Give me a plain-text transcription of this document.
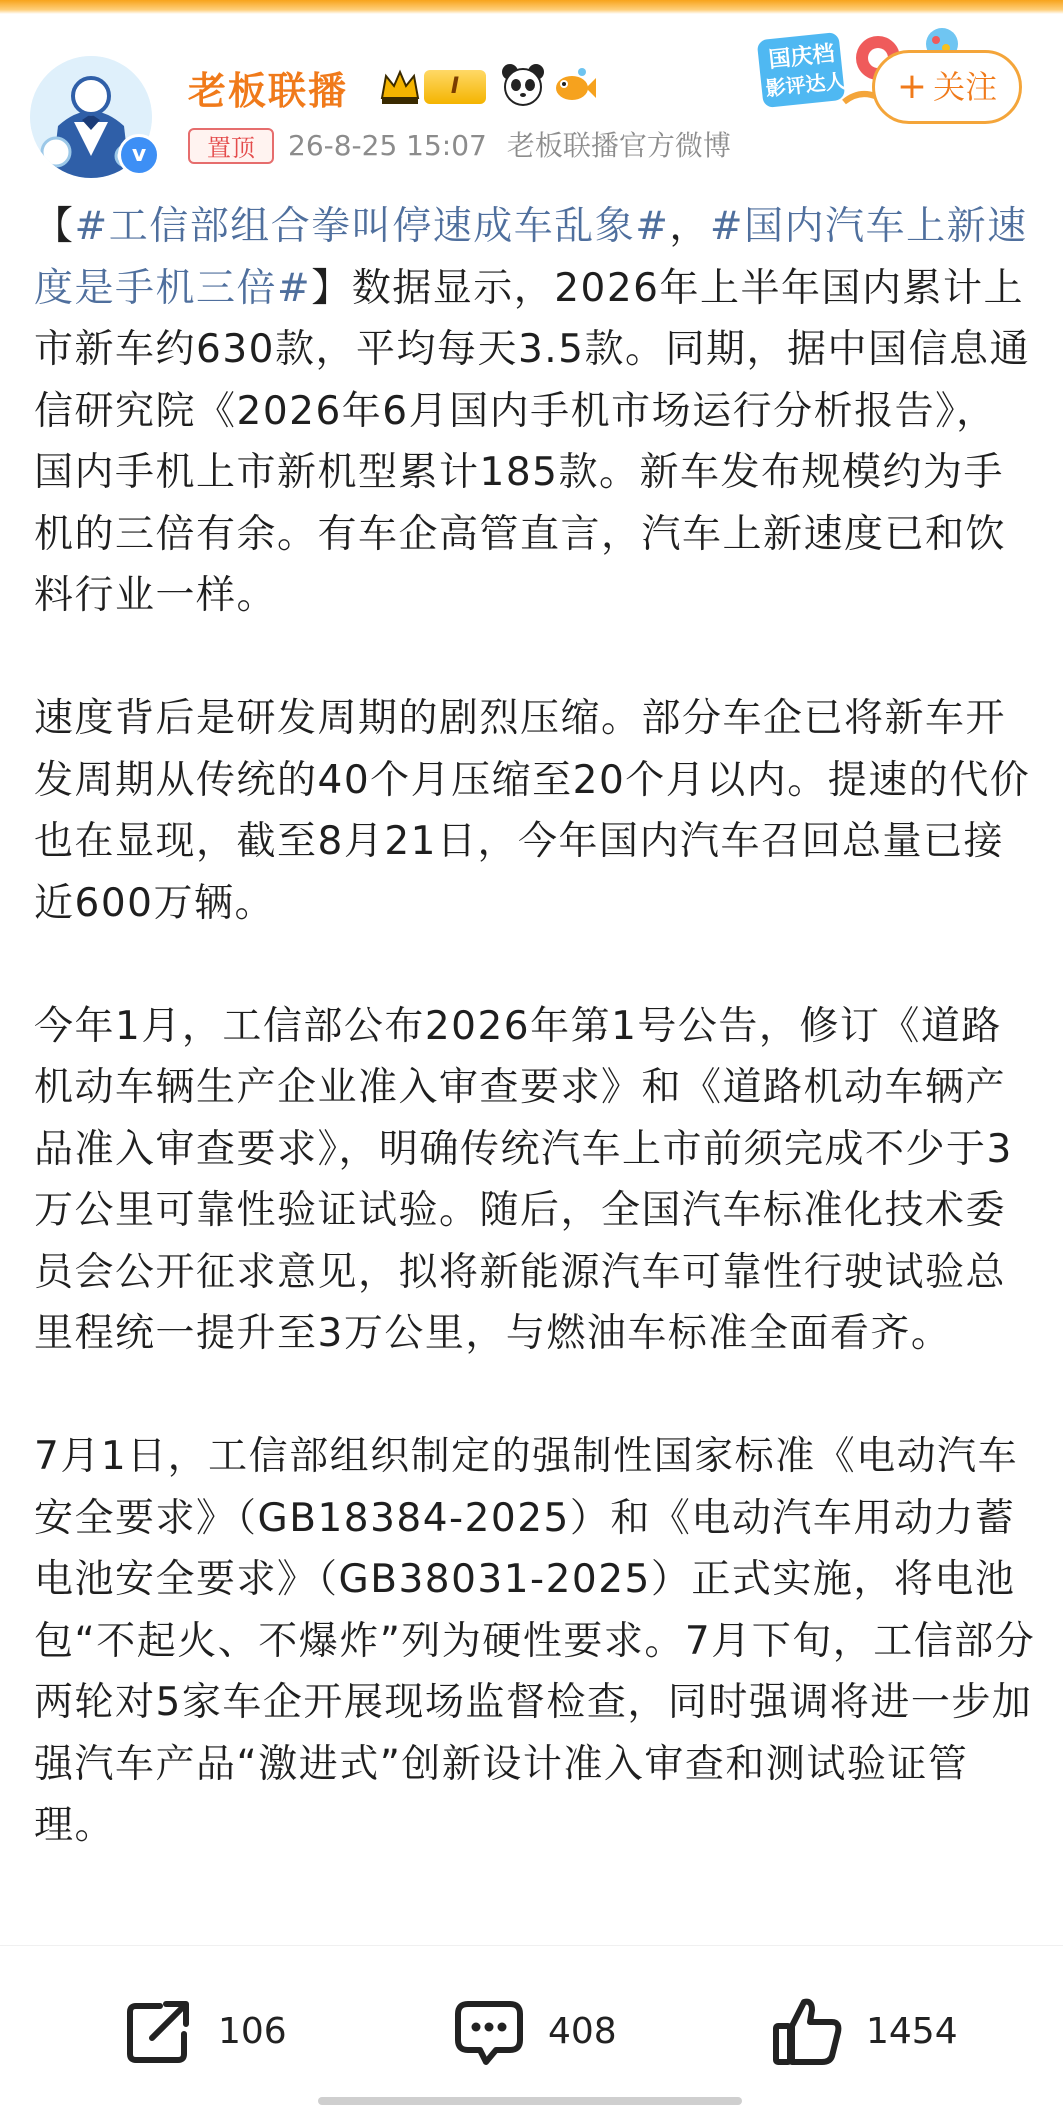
v
老板联播	I
置顶	26-8-25 15:07 老板联播官方微博
国庆档
影评达人	+ 关注

【#工信部组合拳叫停速成车乱象#，#国内汽车上新速度是手机三倍#】数据显示，2026年上半年国内累计上市新车约630款，平均每天3.5款。同期，据中国信息通信研究院《2026年6月国内手机市场运行分析报告》，国内手机上市新机型累计185款。新车发布规模约为手机的三倍有余。有车企高管直言，汽车上新速度已和饮料行业一样。

速度背后是研发周期的剧烈压缩。部分车企已将新车开发周期从传统的40个月压缩至20个月以内。提速的代价也在显现，截至8月21日，今年国内汽车召回总量已接近600万辆。

今年1月，工信部公布2026年第1号公告，修订《道路机动车辆生产企业准入审查要求》和《道路机动车辆产品准入审查要求》，明确传统汽车上市前须完成不少于3万公里可靠性验证试验。随后，全国汽车标准化技术委员会公开征求意见，拟将新能源汽车可靠性行驶试验总里程统一提升至3万公里，与燃油车标准全面看齐。

7月1日，工信部组织制定的强制性国家标准《电动汽车安全要求》（GB18384-2025）和《电动汽车用动力蓄电池安全要求》（GB38031-2025）正式实施，将电池包“不起火、不爆炸”列为硬性要求。7月下旬，工信部分两轮对5家车企开展现场监督检查，同时强调将进一步加强汽车产品“激进式”创新设计准入审查和测试验证管理。

106	408	1454
